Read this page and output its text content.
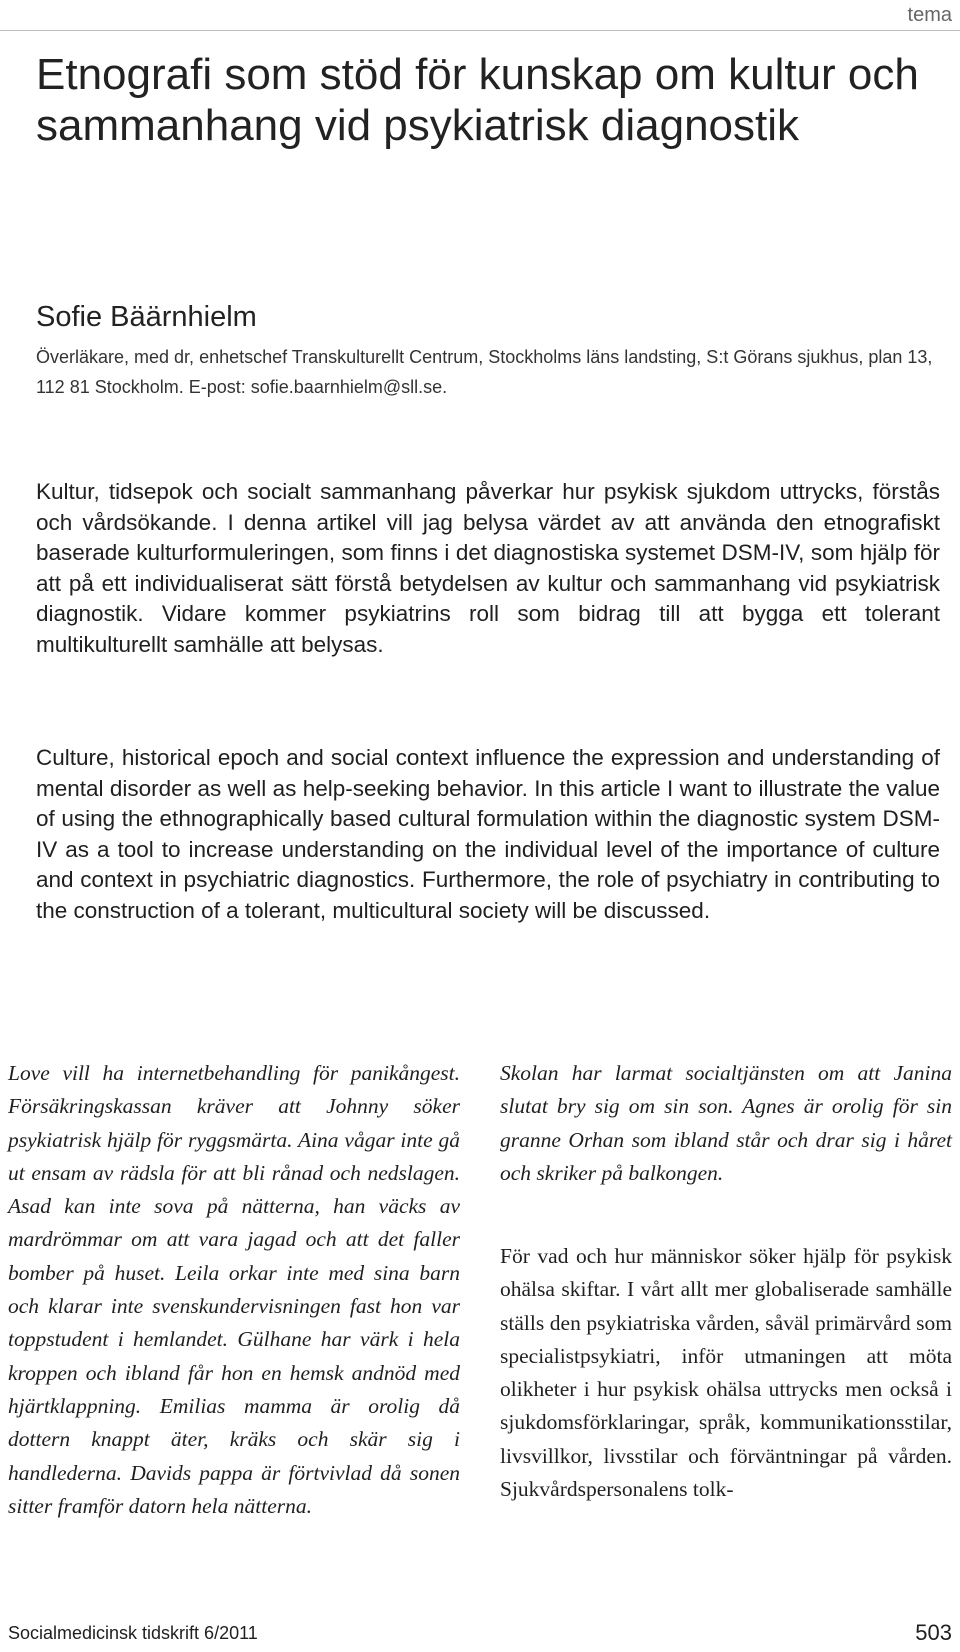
tema
Etnografi som stöd för kunskap om kultur och sammanhang vid psykiatrisk diagnostik
Sofie Bäärnhielm
Överläkare, med dr, enhetschef Transkulturellt Centrum, Stockholms läns landsting, S:t Görans sjukhus, plan 13, 112 81 Stockholm. E-post: sofie.baarnhielm@sll.se.

Kultur, tidsepok och socialt sammanhang påverkar hur psykisk sjukdom uttrycks, förstås och vårdsökande. I denna artikel vill jag belysa värdet av att använda den etnografiskt baserade kulturformuleringen, som finns i det diagnostiska systemet DSM-IV, som hjälp för att på ett individualiserat sätt förstå betydelsen av kultur och sammanhang vid psykiatrisk diagnostik. Vidare kommer psykiatrins roll som bidrag till att bygga ett tolerant multikulturellt samhälle att belysas.

Culture, historical epoch and social context influence the expression and understanding of mental disorder as well as help-seeking behavior. In this article I want to illustrate the value of using the ethnographically based cultural formulation within the diagnostic system DSM-IV as a tool to increase understanding on the individual level of the importance of culture and context in psychiatric diagnostics. Furthermore, the role of psychiatry in contributing to the construction of a tolerant, multicultural society will be discussed.

Love vill ha internetbehandling för panikångest. Försäkringskassan kräver att Johnny söker psykiatrisk hjälp för ryggsmärta. Aina vågar inte gå ut ensam av rädsla för att bli rånad och nedslagen. Asad kan inte sova på nätterna, han väcks av mardrömmar om att vara jagad och att det faller bomber på huset. Leila orkar inte med sina barn och klarar inte svenskundervisningen fast hon var toppstudent i hemlandet. Gülhane har värk i hela kroppen och ibland får hon en hemsk andnöd med hjärtklappning. Emilias mamma är orolig då dottern knappt äter, kräks och skär sig i handlederna. Davids pappa är förtvivlad då sonen sitter framför datorn hela nätterna.

Skolan har larmat socialtjänsten om att Janina slutat bry sig om sin son. Agnes är orolig för sin granne Orhan som ibland står och drar sig i håret och skriker på balkongen.

För vad och hur människor söker hjälp för psykisk ohälsa skiftar. I vårt allt mer globaliserade samhälle ställs den psykiatriska vården, såväl primärvård som specialistpsykiatri, inför utmaningen att möta olikheter i hur psykisk ohälsa uttrycks men också i sjukdomsförklaringar, språk, kommunikationsstilar, livsvillkor, livsstilar och förväntningar på vården. Sjukvårdspersonalens tolk-

Socialmedicinsk tidskrift 6/2011	503
